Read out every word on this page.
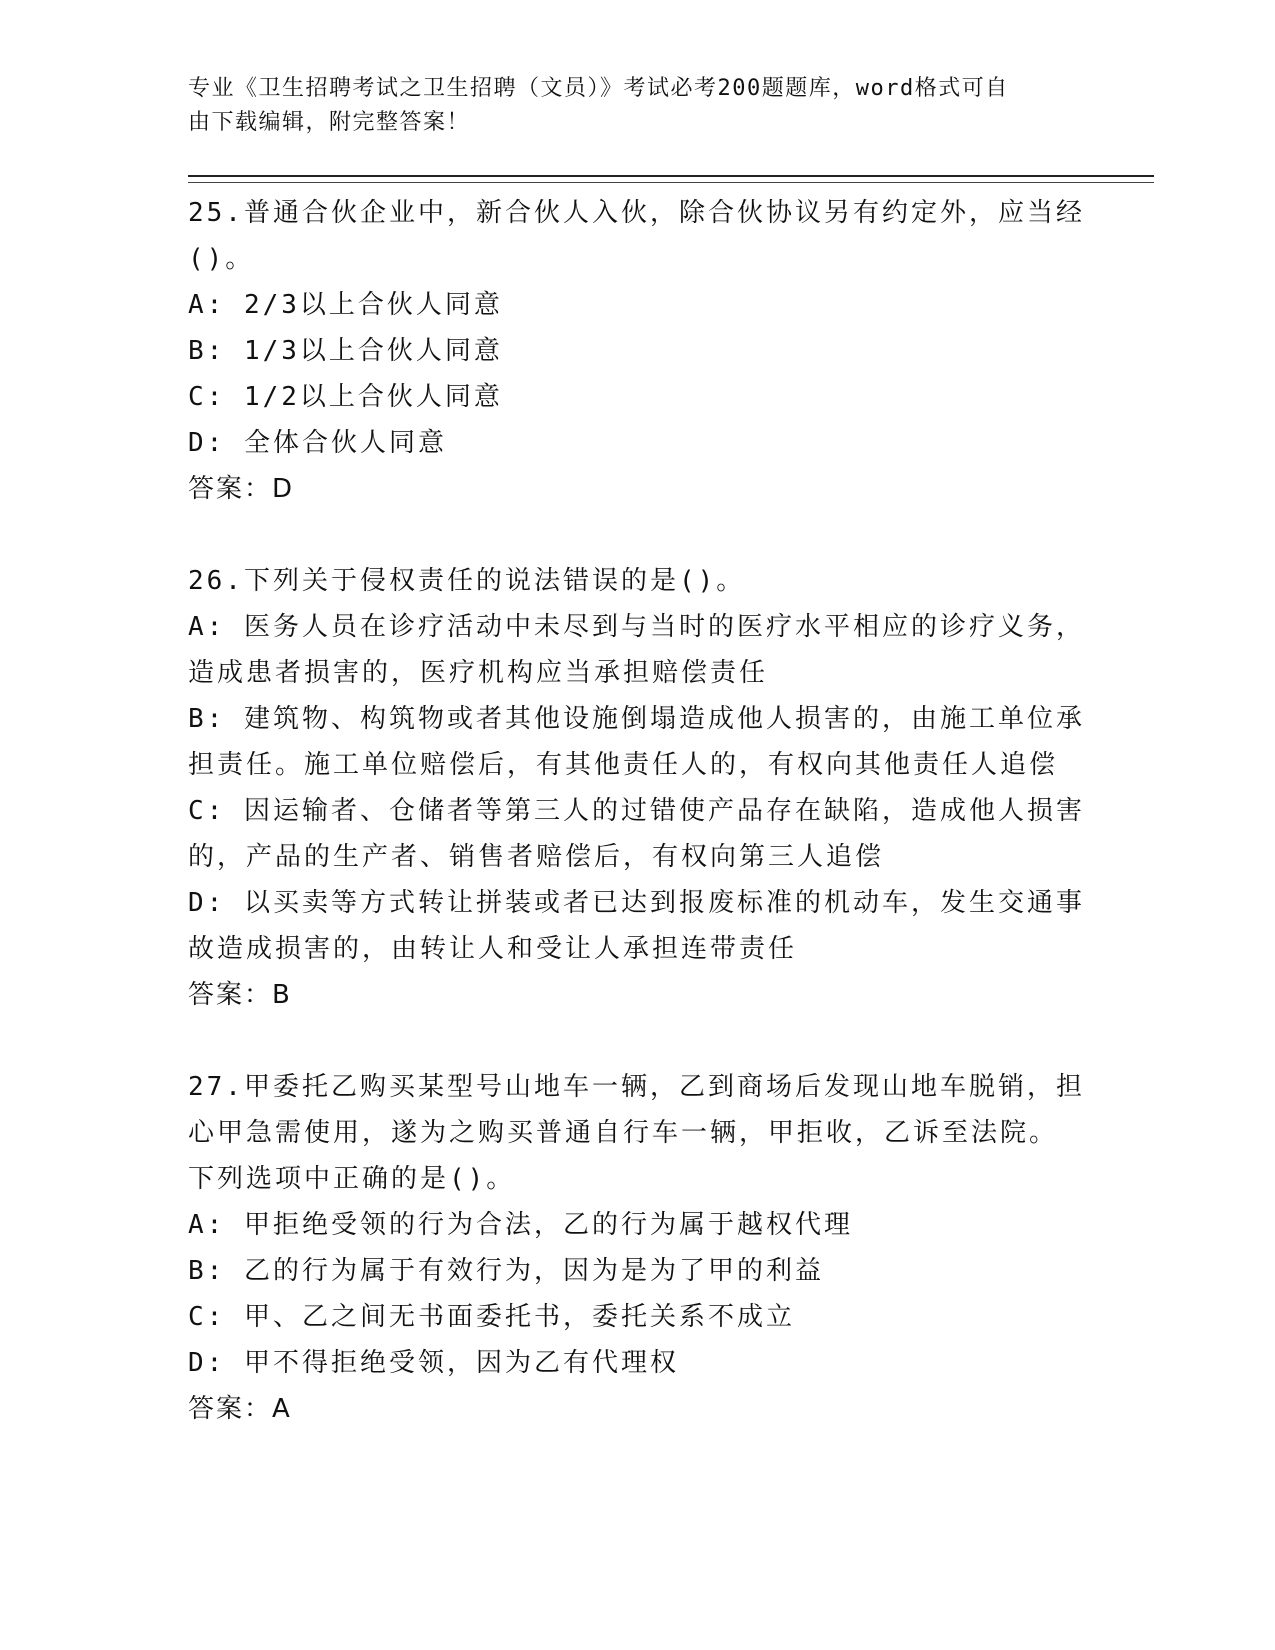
专业《卫生招聘考试之卫生招聘（文员）》考试必考200题题库，word格式可自
由下载编辑，附完整答案！
25.普通合伙企业中，新合伙人入伙，除合伙协议另有约定外，应当经
()。
A: 2/3以上合伙人同意
B: 1/3以上合伙人同意
C: 1/2以上合伙人同意
D: 全体合伙人同意
答案：D
26.下列关于侵权责任的说法错误的是()。
A: 医务人员在诊疗活动中未尽到与当时的医疗水平相应的诊疗义务，
造成患者损害的，医疗机构应当承担赔偿责任
B: 建筑物、构筑物或者其他设施倒塌造成他人损害的，由施工单位承
担责任。施工单位赔偿后，有其他责任人的，有权向其他责任人追偿
C: 因运输者、仓储者等第三人的过错使产品存在缺陷，造成他人损害
的，产品的生产者、销售者赔偿后，有权向第三人追偿
D: 以买卖等方式转让拼装或者已达到报废标准的机动车，发生交通事
故造成损害的，由转让人和受让人承担连带责任
答案：B
27.甲委托乙购买某型号山地车一辆，乙到商场后发现山地车脱销，担
心甲急需使用，遂为之购买普通自行车一辆，甲拒收，乙诉至法院。
下列选项中正确的是()。
A: 甲拒绝受领的行为合法，乙的行为属于越权代理
B: 乙的行为属于有效行为，因为是为了甲的利益
C: 甲、乙之间无书面委托书，委托关系不成立
D: 甲不得拒绝受领，因为乙有代理权
答案：A
